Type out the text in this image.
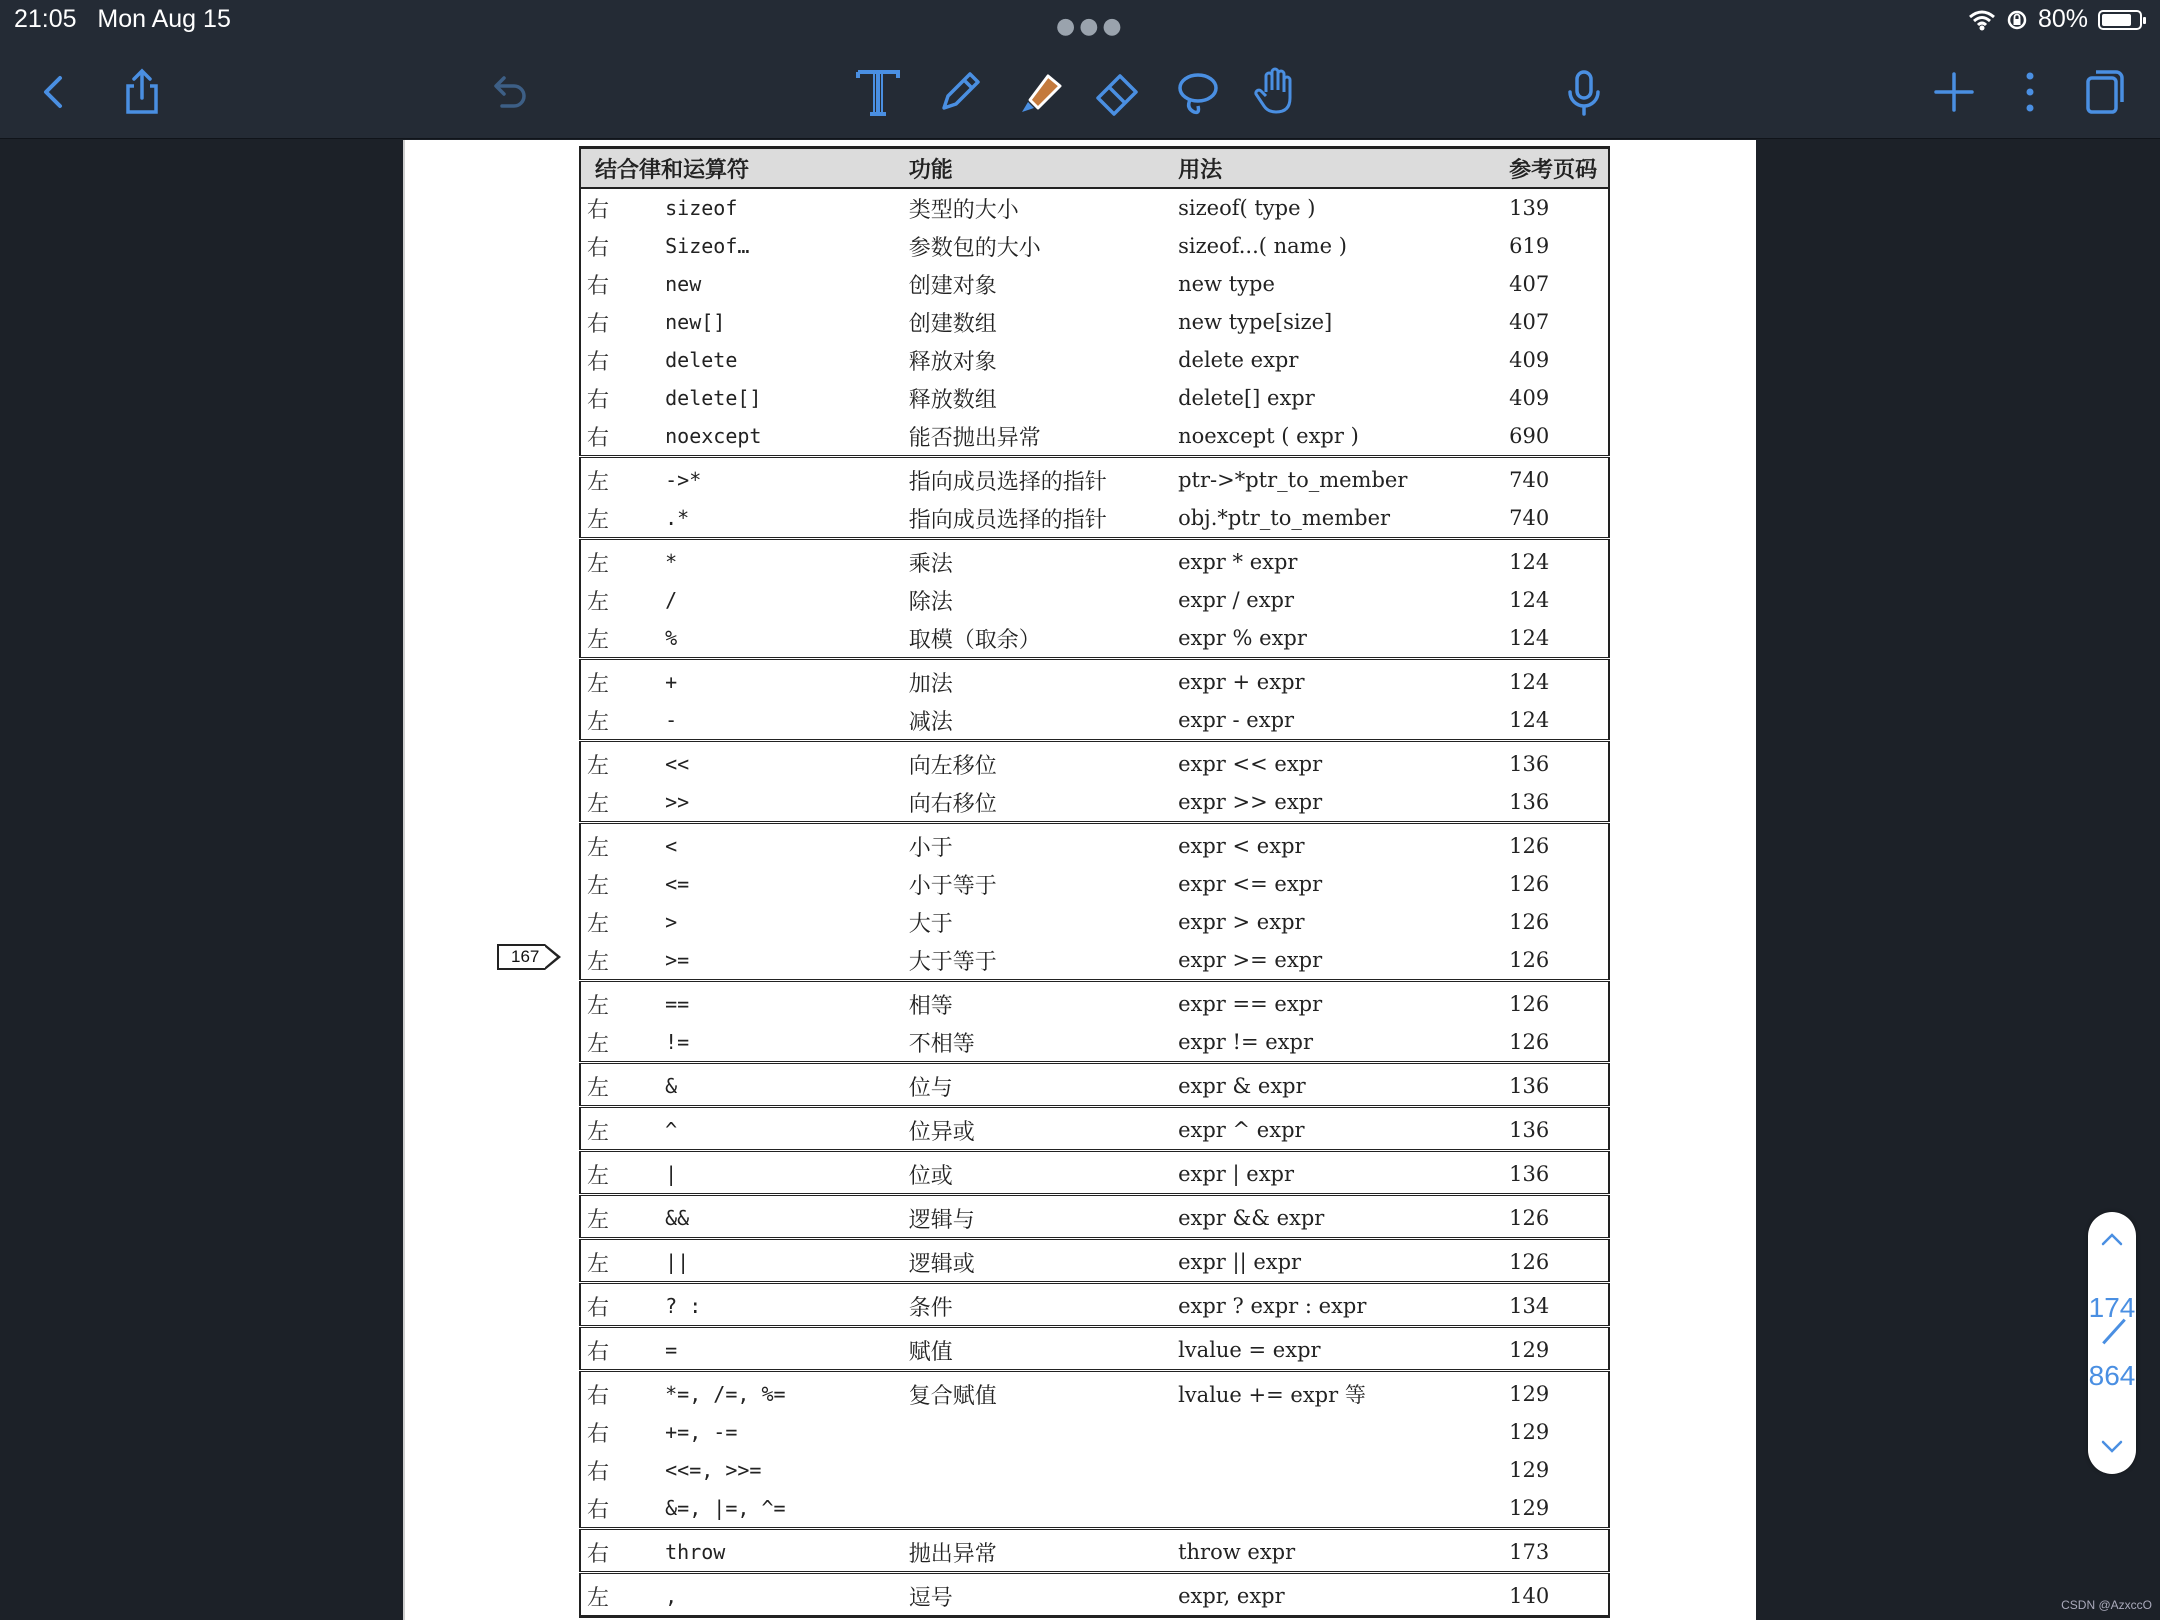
21:05 Mon Aug 15	●●●	80%
167
结合律和运算符		功能	用法	参考页码
右	sizeof	类型的大小	sizeof( type )	139
右	Sizeof…	参数包的大小	sizeof...( name )	619
右	new	创建对象	new type	407
右	new[]	创建数组	new type[size]	407
右	delete	释放对象	delete expr	409
右	delete[]	释放数组	delete[] expr	409
右	noexcept	能否抛出异常	noexcept ( expr )	690
左	->*	指向成员选择的指针	ptr->*ptr_to_member	740
左	.*	指向成员选择的指针	obj.*ptr_to_member	740
左	*	乘法	expr * expr	124
左	/	除法	expr / expr	124
左	%	取模（取余）	expr % expr	124
左	+	加法	expr + expr	124
左	-	减法	expr - expr	124
左	<<	向左移位	expr << expr	136
左	>>	向右移位	expr >> expr	136
左	<	小于	expr < expr	126
左	<=	小于等于	expr <= expr	126
左	>	大于	expr > expr	126
左	>=	大于等于	expr >= expr	126
左	==	相等	expr == expr	126
左	!=	不相等	expr != expr	126
左	&	位与	expr & expr	136
左	^	位异或	expr ^ expr	136
左	|	位或	expr | expr	136
左	&&	逻辑与	expr && expr	126
左	||	逻辑或	expr || expr	126
右	? :	条件	expr ? expr : expr	134
右	=	赋值	lvalue = expr	129
右	*=, /=, %=	复合赋值	lvalue += expr 等	129
右	+=, -=			129
右	<<=, >>=			129
右	&=, |=, ^=			129
右	throw	抛出异常	throw expr	173
左	,	逗号	expr, expr	140
174
864
CSDN @AzxccO
